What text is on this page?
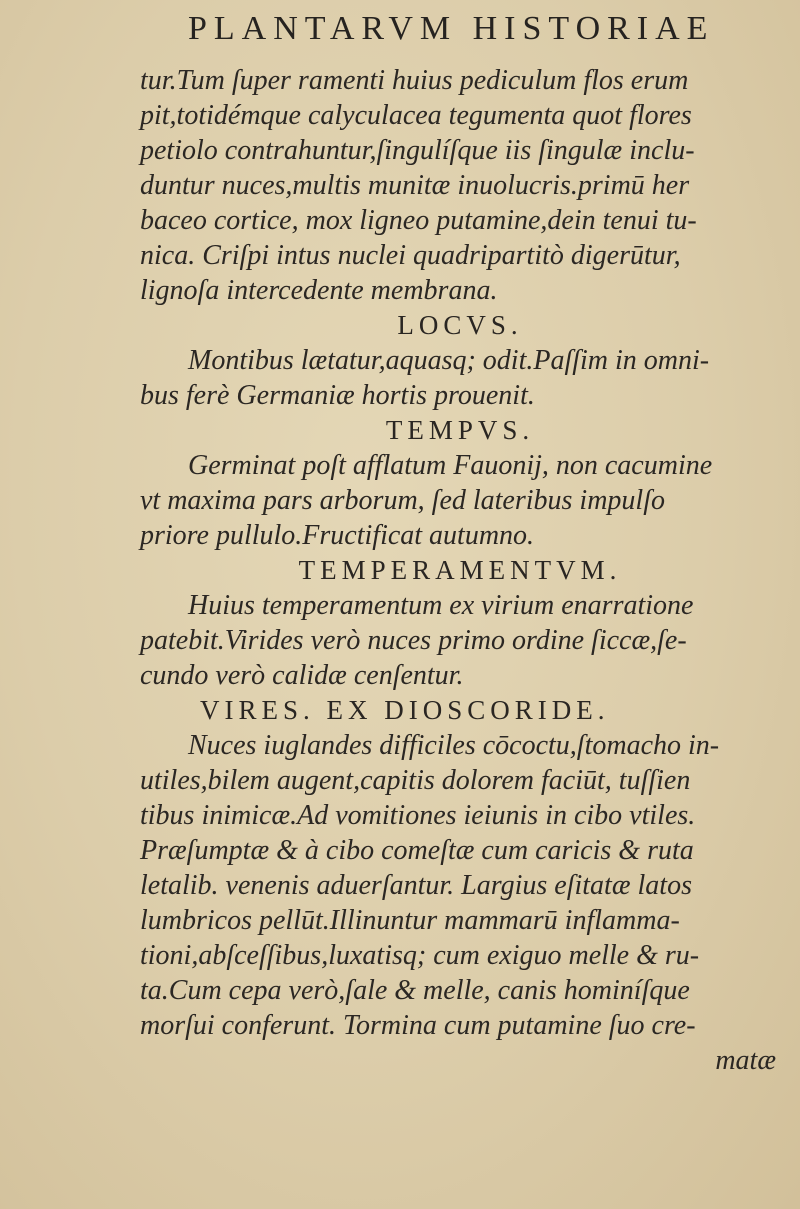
PLANTARVM HISTORIAE
tur.Tum ſuper ramenti huius pediculum flos erum
pit,totidémque calyculacea tegumenta quot flores
petiolo contrahuntur,ſingulíſque iis ſingulæ inclu-
duntur nuces,multis munitæ inuolucris.primū her
baceo cortice, mox ligneo putamine,dein tenui tu-
nica. Criſpi intus nuclei quadripartitò digerūtur,
lignoſa intercedente membrana.
LOCVS.
Montibus lætatur,aquasq; odit.Paſſim in omni-
bus ferè Germaniæ hortis prouenit.
TEMPVS.
Germinat poſt afflatum Fauonij, non cacumine
vt maxima pars arborum, ſed lateribus impulſo
priore pullulo.Fructificat autumno.
TEMPERAMENTVM.
Huius temperamentum ex virium enarratione
patebit.Virides verò nuces primo ordine ſiccæ,ſe-
cundo verò calidæ cenſentur.
VIRES. EX DIOSCORIDE.
Nuces iuglandes difficiles cōcoctu,ſtomacho in-
utiles,bilem augent,capitis dolorem faciūt, tuſſien
tibus inimicæ.Ad vomitiones ieiunis in cibo vtiles.
Præſumptæ & à cibo comeſtæ cum caricis & ruta
letalib. venenis aduerſantur. Largius eſitatæ latos
lumbricos pellūt.Illinuntur mammarū inflamma-
tioni,abſceſſibus,luxatisq; cum exiguo melle & ru-
ta.Cum cepa verò,ſale & melle, canis hominíſque
morſui conferunt. Tormina cum putamine ſuo cre-
matæ
